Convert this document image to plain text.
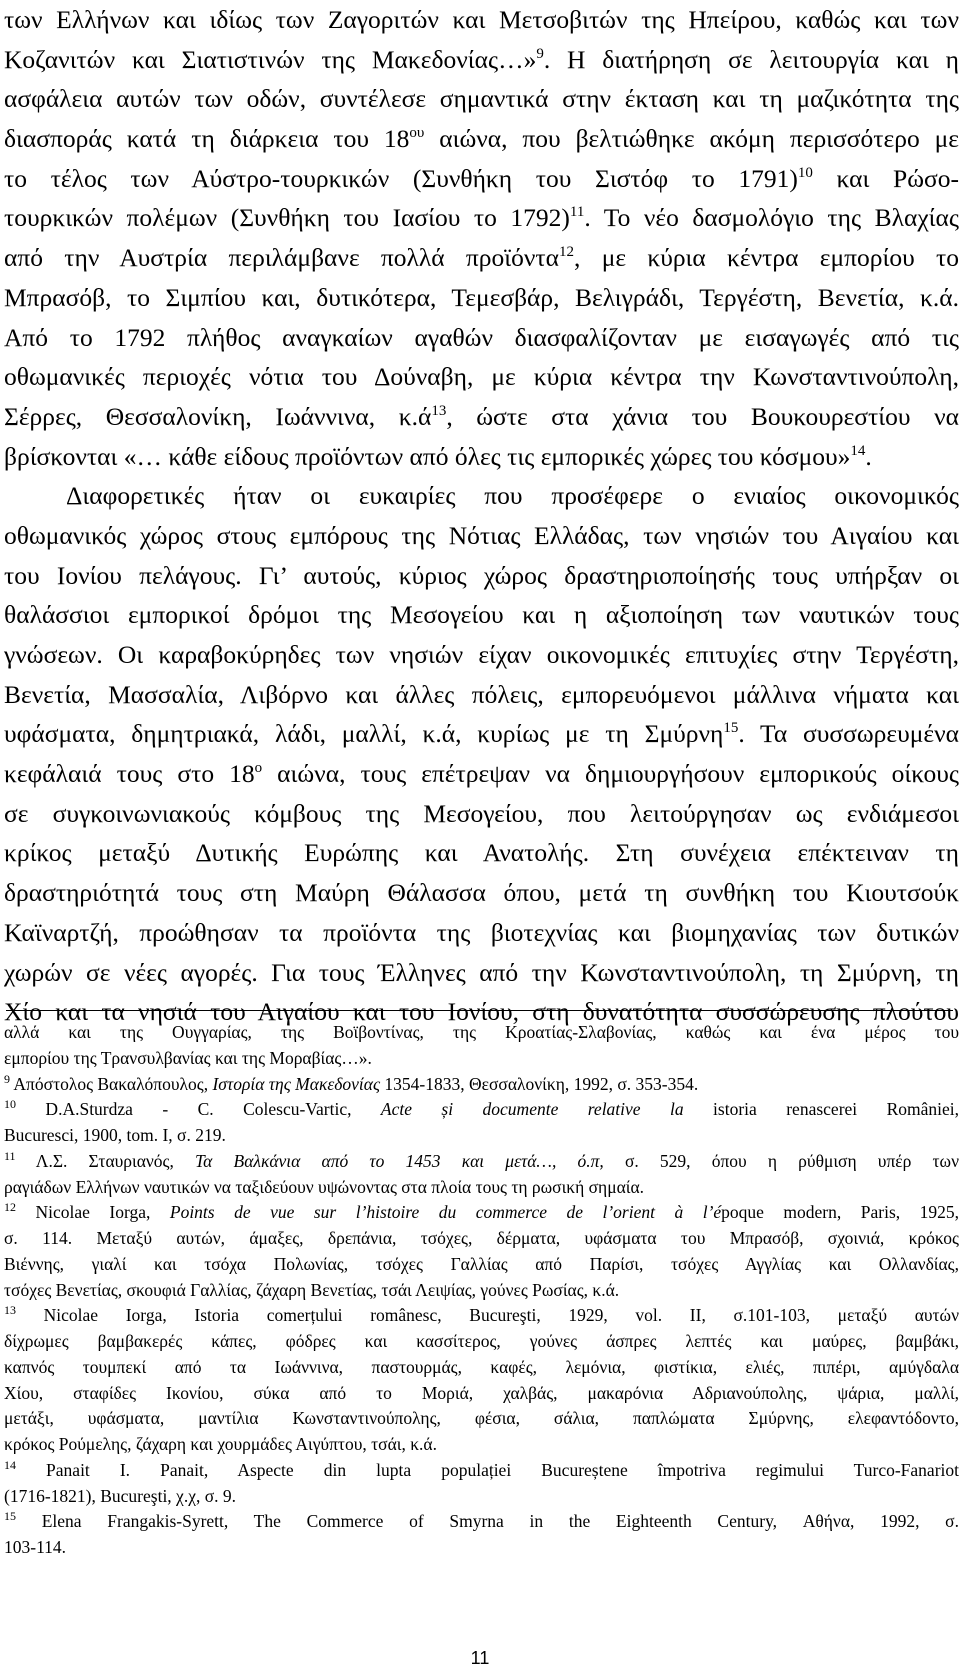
των Ελλήνων και ιδίως των Ζαγοριτών και Μετσοβιτών της Ηπείρου, καθώς και των
Κοζανιτών και Σιατιστινών της Μακεδονίας…»$^9$. Η διατήρηση σε λειτουργία και η
ασφάλεια αυτών των οδών, συντέλεσε σημαντικά στην έκταση και τη μαζικότητα της
διασποράς κατά τη διάρκεια του $18^{o\upsilon}$ αιώνα, που βελτιώθηκε ακόμη περισσότερο με
το τέλος των Αύστρο-τουρκικών (Συνθήκη του Σιστόφ το 1791)$^{10}$ και Ρώσο-
τουρκικών πολέμων (Συνθήκη του Ιασίου το 1792)$^{11}$. Το νέο δασμολόγιο της Βλαχίας
από την Αυστρία περιλάμβανε πολλά προϊόντα$^{12}$, με κύρια κέντρα εμπορίου το
Μπρασόβ, το Σιμπίου και, δυτικότερα, Τεμεσβάρ, Βελιγράδι, Τεργέστη, Βενετία, κ.ά.
Από το 1792 πλήθος αναγκαίων αγαθών διασφαλίζονταν με εισαγωγές από τις
οθωμανικές περιοχές νότια του Δούναβη, με κύρια κέντρα την Κωνσταντινούπολη,
Σέρρες, Θεσσαλονίκη, Ιωάννινα, $\kappa.ά^{13}$, ώστε στα χάνια του Βουκουρεστίου να
βρίσκονται «… κάθε είδους προϊόντων από όλες τις εμπορικές χώρες του κόσμου»$^{14}$.
Διαφορετικές ήταν οι ευκαιρίες που προσέφερε ο ενιαίος οικονομικός
οθωμανικός χώρος στους εμπόρους της Νότιας Ελλάδας, των νησιών του Αιγαίου και
του Ιονίου πελάγους. Γι’ αυτούς, κύριος χώρος δραστηριοποίησής τους υπήρξαν οι
θαλάσσιοι εμπορικοί δρόμοι της Μεσογείου και η αξιοποίηση των ναυτικών τους
γνώσεων. Οι καραβοκύρηδες των νησιών είχαν οικονομικές επιτυχίες στην Τεργέστη,
Βενετία, Μασσαλία, Λιβόρνο και άλλες πόλεις, εμπορευόμενοι μάλλινα νήματα και
υφάσματα, δημητριακά, λάδι, μαλλί, κ.ά, κυρίως με τη Σμύρνη$^{15}$. Τα συσσωρευμένα
κεφάλαιά τους στο $18^o$ αιώνα, τους επέτρεψαν να δημιουργήσουν εμπορικούς οίκους
σε συγκοινωνιακούς κόμβους της Μεσογείου, που λειτούργησαν ως ενδιάμεσοι
κρίκος μεταξύ Δυτικής Ευρώπης και Ανατολής. Στη συνέχεια επέκτειναν τη
δραστηριότητά τους στη Μαύρη Θάλασσα όπου, μετά τη συνθήκη του Κιουτσούκ
Καϊναρτζή, προώθησαν τα προϊόντα της βιοτεχνίας και βιομηχανίας των δυτικών
χωρών σε νέες αγορές. Για τους Έλληνες από την Κωνσταντινούπολη, τη Σμύρνη, τη
Χίο και τα νησιά του Αιγαίου και του Ιονίου, στη δυνατότητα συσσώρευσης πλούτου
αλλά και της Ουγγαρίας, της Βοϊβοντίνας, της Κροατίας-Σλαβονίας, καθώς και ένα μέρος του
εμπορίου της Τρανσυλβανίας και της Μοραβίας…».
$^9$ Απόστολος Βακαλόπουλος, Ιστορία της Μακεδονίας 1354-1833, Θεσσαλονίκη, 1992, σ. 353-354.
$^{10}$ D.A.Sturdza - C. Colescu-Vartic, Acte și documente relative la istoria renascerei Românieі,
Bucuresci, 1900, tom. I, σ. 219.
$^{11}$ Λ.Σ. Σταυριανός, Τα Βαλκάνια από το 1453 και μετά…, ό.π, σ. 529, όπου η ρύθμιση υπέρ των
ραγιάδων Ελλήνων ναυτικών να ταξιδεύουν υψώνοντας στα πλοία τους τη ρωσική σημαία.
$^{12}$ Nicolae Iorga, Points de vue sur l’histoire du commerce de l’orient à l’époque modern, Paris, 1925,
σ. 114. Μεταξύ αυτών, άμαξες, δρεπάνια, τσόχες, δέρματα, υφάσματα του Μπρασόβ, σχοινιά, κρόκος
Βιέννης, γιαλί και τσόχα Πολωνίας, τσόχες Γαλλίας από Παρίσι, τσόχες Αγγλίας και Ολλανδίας,
τσόχες Βενετίας, σκουφιά Γαλλίας, ζάχαρη Βενετίας, τσάι Λειψίας, γούνες Ρωσίας, κ.ά.
$^{13}$ Nicolae Iorga, Istoria comerțului românesc, Bucureşti, 1929, vol. II, σ.101-103, μεταξύ αυτών
δίχρωμες βαμβακερές κάπες, φόδρες και κασσίτερος, γούνες άσπρες λεπτές και μαύρες, βαμβάκι,
καπνός τουμπεκί από τα Ιωάννινα, παστουρμάς, καφές, λεμόνια, φιστίκια, ελιές, πιπέρι, αμύγδαλα
Χίου, σταφίδες Ικονίου, σύκα από το Μοριά, χαλβάς, μακαρόνια Αδριανούπολης, ψάρια, μαλλί,
μετάξι, υφάσματα, μαντίλια Κωνσταντινούπολης, φέσια, σάλια, παπλώματα Σμύρνης, ελεφαντόδοντο,
κρόκος Ρούμελης, ζάχαρη και χουρμάδες Αιγύπτου, τσάι, κ.ά.
$^{14}$ Panait I. Panait, Aspecte din lupta populației Bucureștene împotriva regimului Turco-Fanariot
(1716-1821), Bucureşti, χ.χ, σ. 9.
$^{15}$ Elena Frangakis-Syrett, The Commerce of Smyrna in the Eighteenth Century, Αθήνα, 1992, σ.
103-114.
11
